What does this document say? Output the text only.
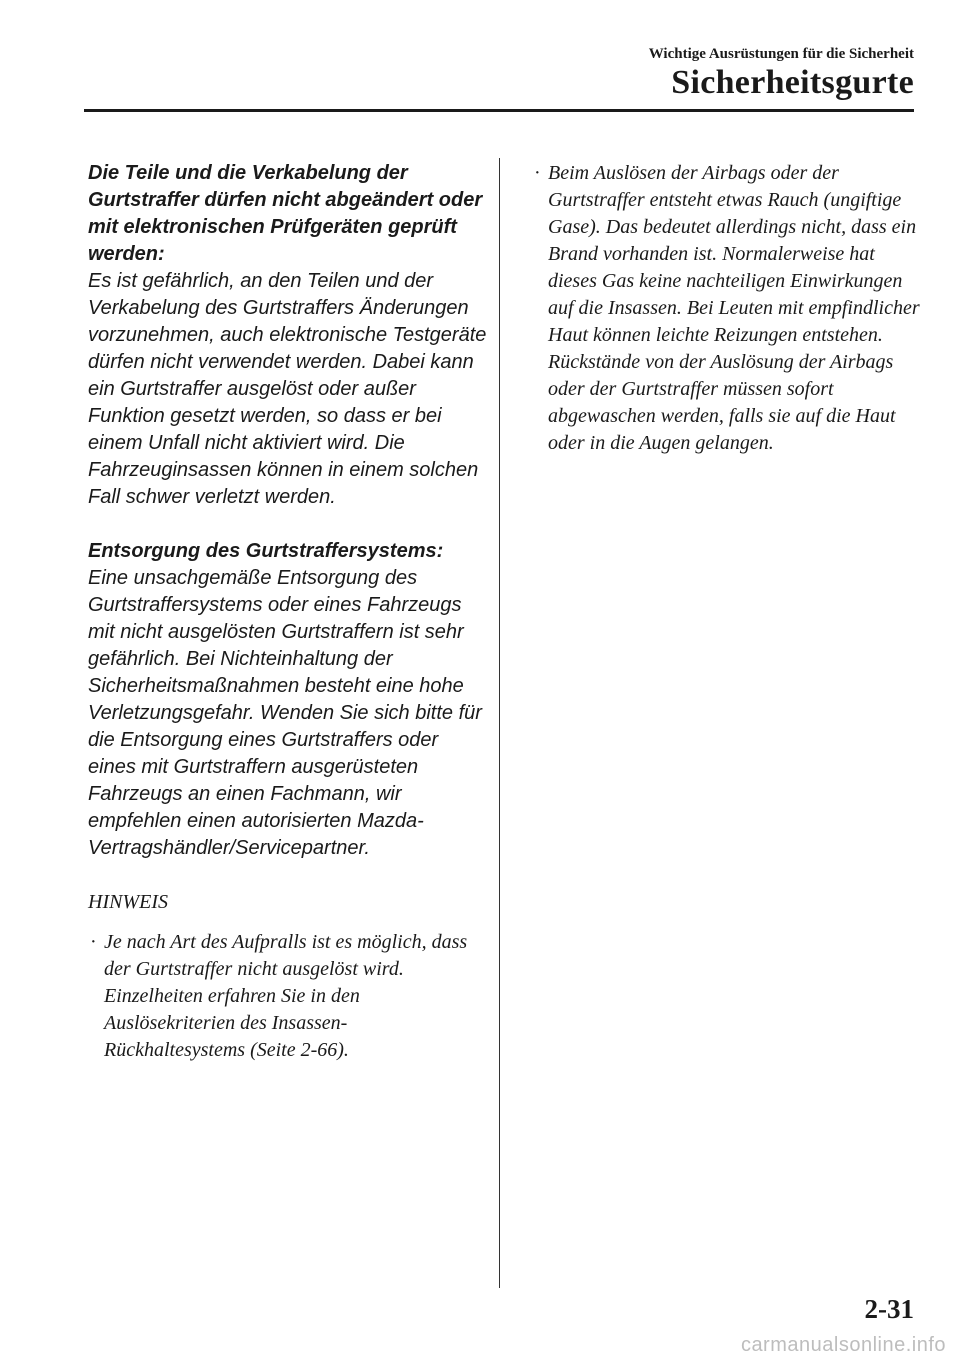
Wichtige Ausrüstungen für die Sicherheit
Sicherheitsgurte

Die Teile und die Verkabelung der Gurtstraffer dürfen nicht abgeändert oder mit elektronischen Prüfgeräten geprüft werden:
Es ist gefährlich, an den Teilen und der Verkabelung des Gurtstraffers Änderungen vorzunehmen, auch elektronische Testgeräte dürfen nicht verwendet werden. Dabei kann ein Gurtstraffer ausgelöst oder außer Funktion gesetzt werden, so dass er bei einem Unfall nicht aktiviert wird. Die Fahrzeuginsassen können in einem solchen Fall schwer verletzt werden.

Entsorgung des Gurtstraffersystems:
Eine unsachgemäße Entsorgung des Gurtstraffersystems oder eines Fahrzeugs mit nicht ausgelösten Gurtstraffern ist sehr gefährlich. Bei Nichteinhaltung der Sicherheitsmaßnahmen besteht eine hohe Verletzungsgefahr. Wenden Sie sich bitte für die Entsorgung eines Gurtstraffers oder eines mit Gurtstraffern ausgerüsteten Fahrzeugs an einen Fachmann, wir empfehlen einen autorisierten Mazda-Vertragshändler/Servicepartner.

HINWEIS
· Je nach Art des Aufpralls ist es möglich, dass der Gurtstraffer nicht ausgelöst wird. Einzelheiten erfahren Sie in den Auslösekriterien des Insassen-Rückhaltesystems (Seite 2-66).
· Beim Auslösen der Airbags oder der Gurtstraffer entsteht etwas Rauch (ungiftige Gase). Das bedeutet allerdings nicht, dass ein Brand vorhanden ist. Normalerweise hat dieses Gas keine nachteiligen Einwirkungen auf die Insassen. Bei Leuten mit empfindlicher Haut können leichte Reizungen entstehen. Rückstände von der Auslösung der Airbags oder der Gurtstraffer müssen sofort abgewaschen werden, falls sie auf die Haut oder in die Augen gelangen.
2-31
carmanualsonline.info
